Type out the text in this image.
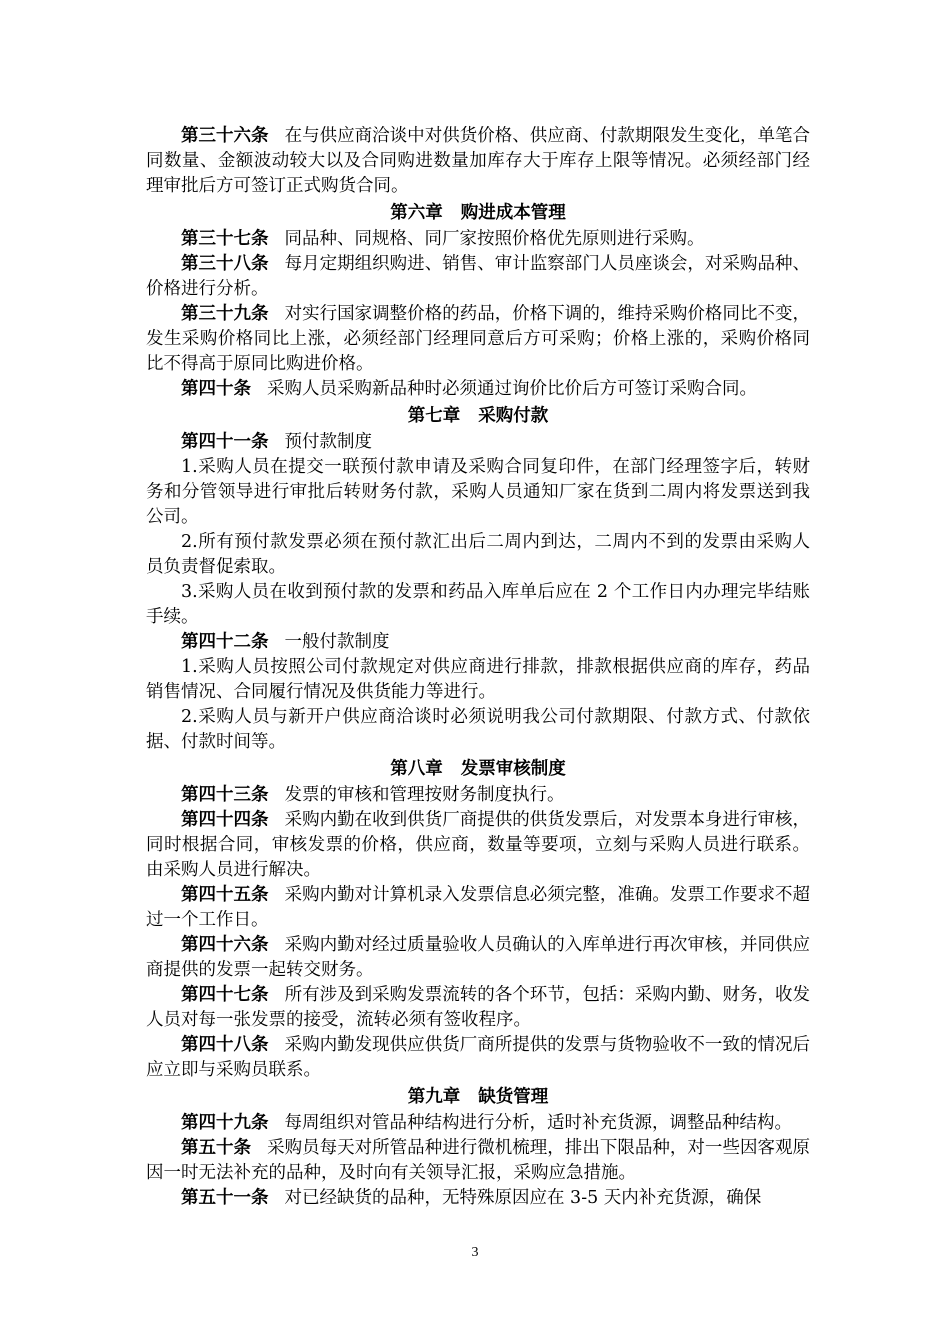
第三十六条 在与供应商洽谈中对供货价格、供应商、付款期限发生变化，单笔合同数量、金额波动较大以及合同购进数量加库存大于库存上限等情况。必须经部门经理审批后方可签订正式购货合同。

第六章 购进成本管理

第三十七条 同品种、同规格、同厂家按照价格优先原则进行采购。

第三十八条 每月定期组织购进、销售、审计监察部门人员座谈会，对采购品种、价格进行分析。

第三十九条 对实行国家调整价格的药品，价格下调的，维持采购价格同比不变，发生采购价格同比上涨，必须经部门经理同意后方可采购；价格上涨的，采购价格同比不得高于原同比购进价格。

第四十条 采购人员采购新品种时必须通过询价比价后方可签订采购合同。

第七章 采购付款

第四十一条 预付款制度

1.采购人员在提交一联预付款申请及采购合同复印件，在部门经理签字后，转财务和分管领导进行审批后转财务付款，采购人员通知厂家在货到二周内将发票送到我公司。

2.所有预付款发票必须在预付款汇出后二周内到达，二周内不到的发票由采购人员负责督促索取。

3.采购人员在收到预付款的发票和药品入库单后应在 2 个工作日内办理完毕结账手续。

第四十二条 一般付款制度

1.采购人员按照公司付款规定对供应商进行排款，排款根据供应商的库存，药品销售情况、合同履行情况及供货能力等进行。

2.采购人员与新开户供应商洽谈时必须说明我公司付款期限、付款方式、付款依据、付款时间等。

第八章 发票审核制度

第四十三条 发票的审核和管理按财务制度执行。

第四十四条 采购内勤在收到供货厂商提供的供货发票后，对发票本身进行审核，同时根据合同，审核发票的价格，供应商，数量等要项，立刻与采购人员进行联系。由采购人员进行解决。

第四十五条 采购内勤对计算机录入发票信息必须完整，准确。发票工作要求不超过一个工作日。

第四十六条 采购内勤对经过质量验收人员确认的入库单进行再次审核，并同供应商提供的发票一起转交财务。

第四十七条 所有涉及到采购发票流转的各个环节，包括：采购内勤、财务，收发人员对每一张发票的接受，流转必须有签收程序。

第四十八条 采购内勤发现供应供货厂商所提供的发票与货物验收不一致的情况后应立即与采购员联系。

第九章 缺货管理

第四十九条 每周组织对管品种结构进行分析，适时补充货源，调整品种结构。

第五十条 采购员每天对所管品种进行微机梳理，排出下限品种，对一些因客观原因一时无法补充的品种，及时向有关领导汇报，采购应急措施。

第五十一条 对已经缺货的品种，无特殊原因应在 3-5 天内补充货源，确保

3
